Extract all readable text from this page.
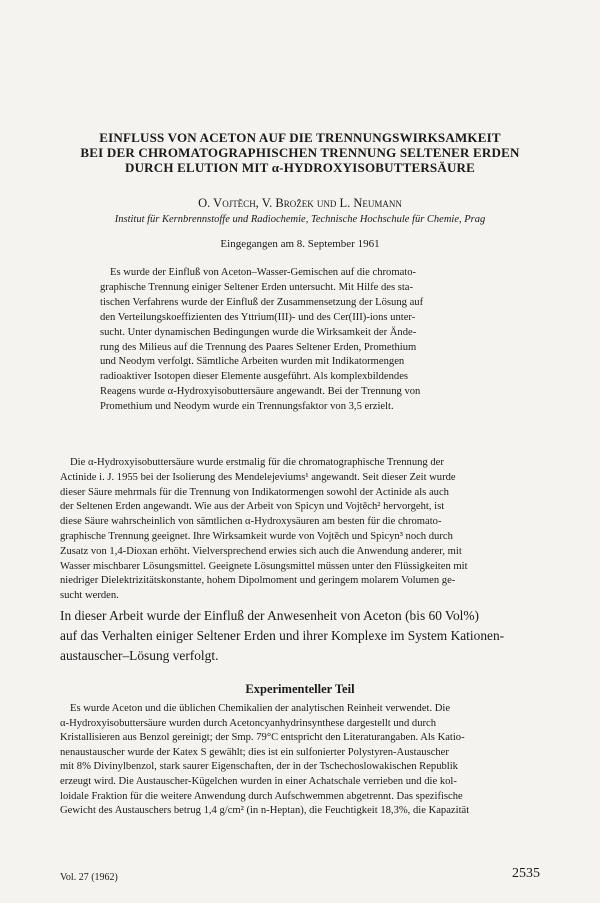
EINFLUSS VON ACETON AUF DIE TRENNUNGSWIRKSAMKEIT
BEI DER CHROMATOGRAPHISCHEN TRENNUNG SELTENER ERDEN
DURCH ELUTION MIT α-HYDROXYISOBUTTERSÄURE
O. Vojtěch, V. Brožek und L. Neumann
Institut für Kernbrennstoffe und Radiochemie, Technische Hochschule für Chemie, Prag
Eingegangen am 8. September 1961
Es wurde der Einfluß von Aceton–Wasser-Gemischen auf die chromato-
graphische Trennung einiger Seltener Erden untersucht. Mit Hilfe des sta-
tischen Verfahrens wurde der Einfluß der Zusammensetzung der Lösung auf
den Verteilungskoeffizienten des Yttrium(III)- und des Cer(III)-ions unter-
sucht. Unter dynamischen Bedingungen wurde die Wirksamkeit der Ände-
rung des Milieus auf die Trennung des Paares Seltener Erden, Promethium
und Neodym verfolgt. Sämtliche Arbeiten wurden mit Indikatormengen
radioaktiver Isotopen dieser Elemente ausgeführt. Als komplexbildendes
Reagens wurde α-Hydroxyisobuttersäure angewandt. Bei der Trennung von
Promethium und Neodym wurde ein Trennungsfaktor von 3,5 erzielt.
Die α-Hydroxyisobuttersäure wurde erstmalig für die chromatographische Trennung der
Actinide i. J. 1955 bei der Isolierung des Mendelejeviums¹ angewandt. Seit dieser Zeit wurde
dieser Säure mehrmals für die Trennung von Indikatormengen sowohl der Actinide als auch
der Seltenen Erden angewandt. Wie aus der Arbeit von Spicyn und Vojtěch² hervorgeht, ist
diese Säure wahrscheinlich von sämtlichen α-Hydroxysäuren am besten für die chromato-
graphische Trennung geeignet. Ihre Wirksamkeit wurde von Vojtěch und Spicyn³ noch durch
Zusatz von 1,4-Dioxan erhöht. Vielversprechend erwies sich auch die Anwendung anderer, mit
Wasser mischbarer Lösungsmittel. Geeignete Lösungsmittel müssen unter den Flüssigkeiten mit
niedriger Dielektrizitätskonstante, hohem Dipolmoment und geringem molarem Volumen ge-
sucht werden.
In dieser Arbeit wurde der Einfluß der Anwesenheit von Aceton (bis 60 Vol%)
auf das Verhalten einiger Seltener Erden und ihrer Komplexe im System Kationen-
austauscher–Lösung verfolgt.
Experimenteller Teil
Es wurde Aceton und die üblichen Chemikalien der analytischen Reinheit verwendet. Die
α-Hydroxyisobuttersäure wurden durch Acetoncyanhydrinsynthese dargestellt und durch
Kristallisieren aus Benzol gereinigt; der Smp. 79°C entspricht den Literaturangaben. Als Katio-
nenaustauscher wurde der Katex S gewählt; dies ist ein sulfonierter Polystyren-Austauscher
mit 8% Divinylbenzol, stark saurer Eigenschaften, der in der Tschechoslowakischen Republik
erzeugt wird. Die Austauscher-Kügelchen wurden in einer Achatschale verrieben und die kol-
loidale Fraktion für die weitere Anwendung durch Aufschwemmen abgetrennt. Das spezifische
Gewicht des Austauschers betrug 1,4 g/cm² (in n-Heptan), die Feuchtigkeit 18,3%, die Kapazität
Vol. 27 (1962)	2535
